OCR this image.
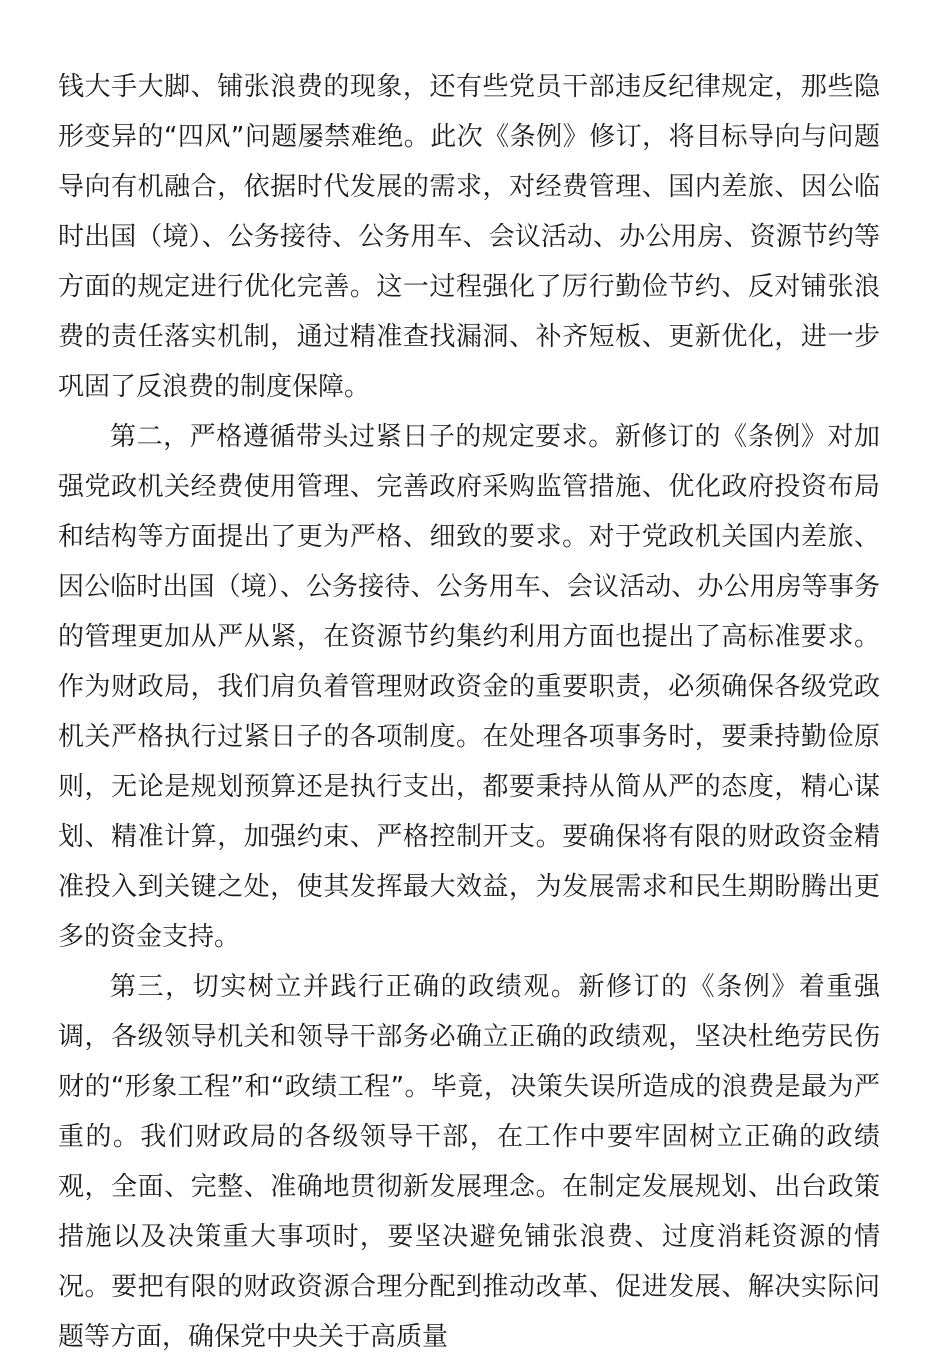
钱大手大脚、铺张浪费的现象，还有些党员干部违反纪律规定，那些隐形变异的“四风”问题屡禁难绝。此次《条例》修订，将目标导向与问题导向有机融合，依据时代发展的需求，对经费管理、国内差旅、因公临时出国（境）、公务接待、公务用车、会议活动、办公用房、资源节约等方面的规定进行优化完善。这一过程强化了厉行勤俭节约、反对铺张浪费的责任落实机制，通过精准查找漏洞、补齐短板、更新优化，进一步巩固了反浪费的制度保障。

第二，严格遵循带头过紧日子的规定要求。新修订的《条例》对加强党政机关经费使用管理、完善政府采购监管措施、优化政府投资布局和结构等方面提出了更为严格、细致的要求。对于党政机关国内差旅、因公临时出国（境）、公务接待、公务用车、会议活动、办公用房等事务的管理更加从严从紧，在资源节约集约利用方面也提出了高标准要求。作为财政局，我们肩负着管理财政资金的重要职责，必须确保各级党政机关严格执行过紧日子的各项制度。在处理各项事务时，要秉持勤俭原则，无论是规划预算还是执行支出，都要秉持从简从严的态度，精心谋划、精准计算，加强约束、严格控制开支。要确保将有限的财政资金精准投入到关键之处，使其发挥最大效益，为发展需求和民生期盼腾出更多的资金支持。

第三，切实树立并践行正确的政绩观。新修订的《条例》着重强调，各级领导机关和领导干部务必确立正确的政绩观，坚决杜绝劳民伤财的“形象工程”和“政绩工程”。毕竟，决策失误所造成的浪费是最为严重的。我们财政局的各级领导干部，在工作中要牢固树立正确的政绩观，全面、完整、准确地贯彻新发展理念。在制定发展规划、出台政策措施以及决策重大事项时，要坚决避免铺张浪费、过度消耗资源的情况。要把有限的财政资源合理分配到推动改革、促进发展、解决实际问题等方面，确保党中央关于高质量
